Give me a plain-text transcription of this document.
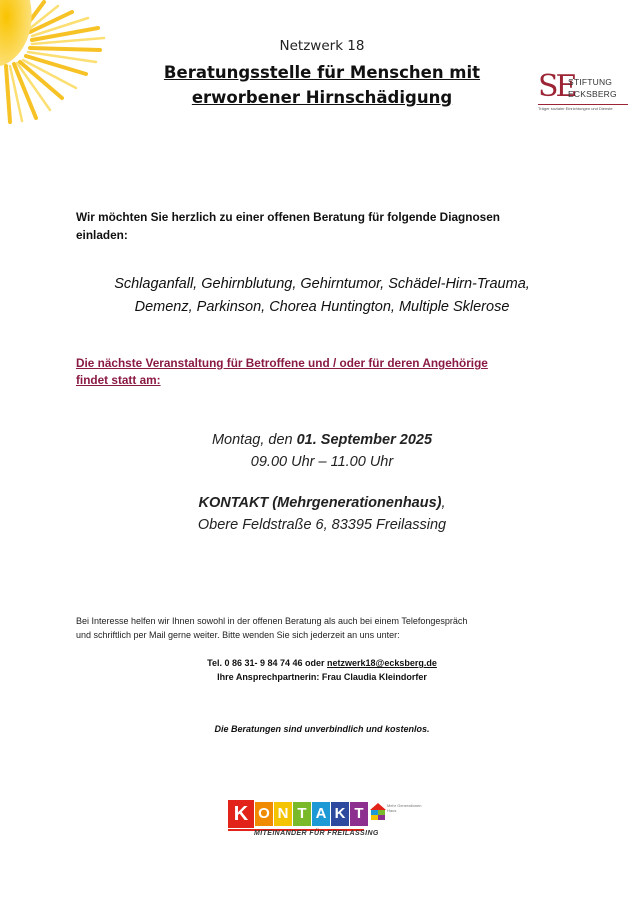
Netzwerk 18
Beratungsstelle für Menschen mit
erworbener Hirnschädigung	SE
STIFTUNG
ECKSBERG
Träger sozialer Einrichtungen und Dienste
Wir möchten Sie herzlich zu einer offenen Beratung für folgende Diagnosen
einladen:
Schlaganfall, Gehirnblutung, Gehirntumor, Schädel-Hirn-Trauma,
Demenz, Parkinson, Chorea Huntington, Multiple Sklerose
Die nächste Veranstaltung für Betroffene und / oder für deren Angehörige
findet statt am:
Montag, den 01. September 2025
09.00 Uhr – 11.00 Uhr
KONTAKT (Mehrgenerationenhaus),
Obere Feldstraße 6, 83395 Freilassing
Bei Interesse helfen wir Ihnen sowohl in der offenen Beratung als auch bei einem Telefongespräch
und schriftlich per Mail gerne weiter. Bitte wenden Sie sich jederzeit an uns unter:
Tel. 0 86 31- 9 84 74 46 oder netzwerk18@ecksberg.de
Ihre Ansprechpartnerin: Frau Claudia Kleindorfer
Die Beratungen sind unverbindlich und kostenlos.
K O N T A K T
MITEINANDER FÜR FREILASSING
Mehr Generationen Haus
